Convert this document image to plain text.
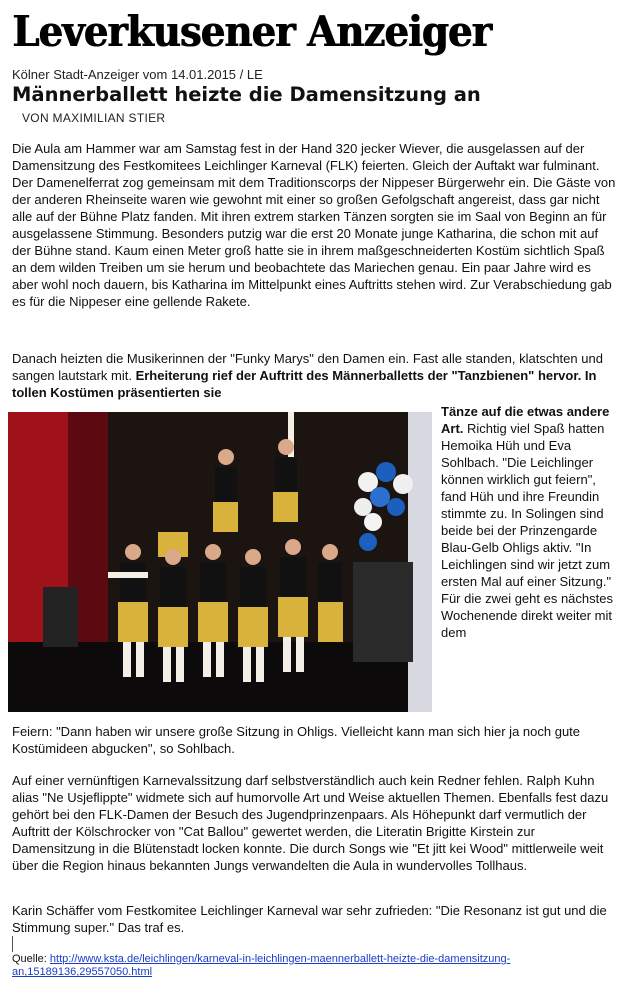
Leverkusener Anzeiger
Kölner Stadt-Anzeiger vom 14.01.2015 / LE
Männerballett heizte die Damensitzung an
VON MAXIMILIAN STIER

Die Aula am Hammer war am Samstag fest in der Hand 320 jecker Wiever, die ausgelassen auf der Damensitzung des Festkomitees Leichlinger Karneval (FLK) feierten. Gleich der Auftakt war fulminant. Der Damenelferrat zog gemeinsam mit dem Traditionscorps der Nippeser Bürgerwehr ein. Die Gäste von der anderen Rheinseite waren wie gewohnt mit einer so großen Gefolgschaft angereist, dass gar nicht alle auf der Bühne Platz fanden. Mit ihren extrem starken Tänzen sorgten sie im Saal von Beginn an für ausgelassene Stimmung. Besonders putzig war die erst 20 Monate junge Katharina, die schon mit auf der Bühne stand. Kaum einen Meter groß hatte sie in ihrem maßgeschneiderten Kostüm sichtlich Spaß an dem wilden Treiben um sie herum und beobachtete das Mariechen genau. Ein paar Jahre wird es aber wohl noch dauern, bis Katharina im Mittelpunkt eines Auftritts stehen wird. Zur Verabschiedung gab es für die Nippeser eine gellende Rakete.

Danach heizten die Musikerinnen der "Funky Marys" den Damen ein. Fast alle standen, klatschten und sangen lautstark mit. Erheiterung rief der Auftritt des Männerballetts der "Tanzbienen" hervor. In tollen Kostümen präsentierten sie

Tänze auf die etwas andere Art. Richtig viel Spaß hatten Hemoika Hüh und Eva Sohlbach. "Die Leichlinger können wirklich gut feiern", fand Hüh und ihre Freundin stimmte zu. In Solingen sind beide bei der Prinzengarde Blau-Gelb Ohligs aktiv. "In Leichlingen sind wir jetzt zum ersten Mal auf einer Sitzung." Für die zwei geht es nächstes Wochenende direkt weiter mit dem

Feiern: "Dann haben wir unsere große Sitzung in Ohligs. Vielleicht kann man sich hier ja noch gute Kostümideen abgucken", so Sohlbach.

Auf einer vernünftigen Karnevalssitzung darf selbstverständlich auch kein Redner fehlen. Ralph Kuhn alias "Ne Usjeflippte" widmete sich auf humorvolle Art und Weise aktuellen Themen. Ebenfalls fest dazu gehört bei den FLK-Damen der Besuch des Jugendprinzenpaars. Als Höhepunkt darf vermutlich der Auftritt der Kölschrocker von "Cat Ballou" gewertet werden, die Literatin Brigitte Kirstein zur Damensitzung in die Blütenstadt locken konnte. Die durch Songs wie "Et jitt kei Wood" mittlerweile weit über die Region hinaus bekannten Jungs verwandelten die Aula in wundervolles Tollhaus.

Karin Schäffer vom Festkomitee Leichlinger Karneval war sehr zufrieden: "Die Resonanz ist gut und die Stimmung super." Das traf es.

Quelle: http://www.ksta.de/leichlingen/karneval-in-leichlingen-maennerballett-heizte-die-damensitzung-an,15189136,29557050.html
